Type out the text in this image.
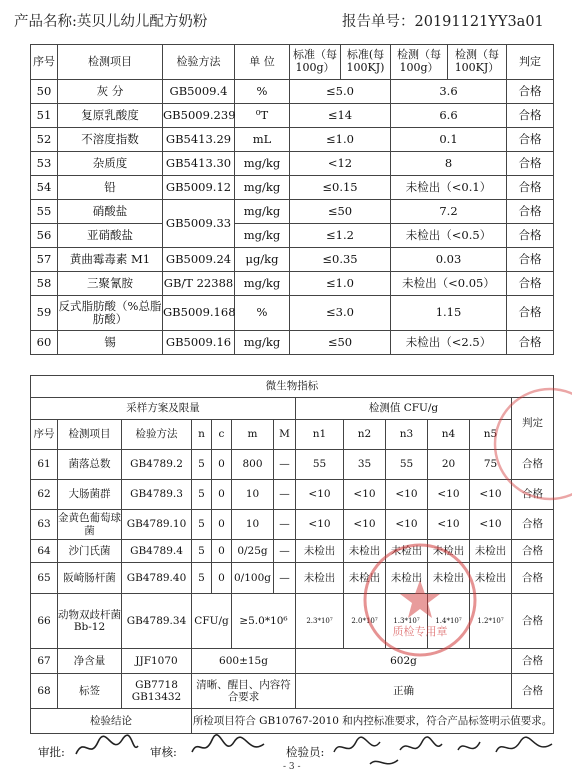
产品名称:英贝儿幼儿配方奶粉	报告单号：20191121YY3a01
序号	检测项目	检验方法	单 位	标准（每100g）	标准(每100KJ)	检测（每100g）	检测（每100KJ）	判定
50	灰 分	GB5009.4	%	≤5.0		3.6		合格
51	复原乳酸度	GB5009.239	⁰T	≤14		6.6		合格
52	不溶度指数	GB5413.29	mL	≤1.0		0.1		合格
53	杂质度	GB5413.30	mg/kg	<12		8		合格
54	铅	GB5009.12	mg/kg	≤0.15		未检出（<0.1）		合格
55	硝酸盐	GB5009.33	mg/kg	≤50		7.2		合格
56	亚硝酸盐		mg/kg	≤1.2		未检出（<0.5）		合格
57	黄曲霉毒素 M1	GB5009.24	μg/kg	≤0.35		0.03		合格
58	三聚氰胺	GB/T 22388	mg/kg	≤1.0		未检出（<0.05）		合格
59	反式脂肪酸（%总脂肪酸）	GB5009.168	%	≤3.0		1.15		合格
60	锡	GB5009.16	mg/kg	≤50		未检出（<2.5）		合格
微生物指标												
采样方案及限量							检测值 CFU/g					判定
序号	检测项目	检验方法	n	c	m	M	n1	n2	n3	n4	n5	
61	菌落总数	GB4789.2	5	0	800	—	55	35	55	20	75	合格
62	大肠菌群	GB4789.3	5	0	10	—	<10	<10	<10	<10	<10	合格
63	金黄色葡萄球菌	GB4789.10	5	0	10	—	<10	<10	<10	<10	<10	合格
64	沙门氏菌	GB4789.4	5	0	0/25g	—	未检出	未检出	未检出	未检出	未检出	合格
65	阪崎肠杆菌	GB4789.40	5	0	0/100g	—	未检出	未检出	未检出	未检出	未检出	合格
66	动物双歧杆菌 Bb-12	GB4789.34	CFU/g		≥5.0*10⁶		2.3*10⁷	2.0*10⁷	1.3*10⁷	1.4*10⁷	1.2*10⁷	合格
67	净含量	JJF1070	600±15g				602g					合格
68	标签	GB7718 GB13432	清晰、醒目、内容符合要求				正确					合格
检验结论			所检项目符合 GB10767-2010 和内控标准要求，符合产品标签明示值要求。									
质检专用章
审批:	审核:	检验员:
- 3 -
